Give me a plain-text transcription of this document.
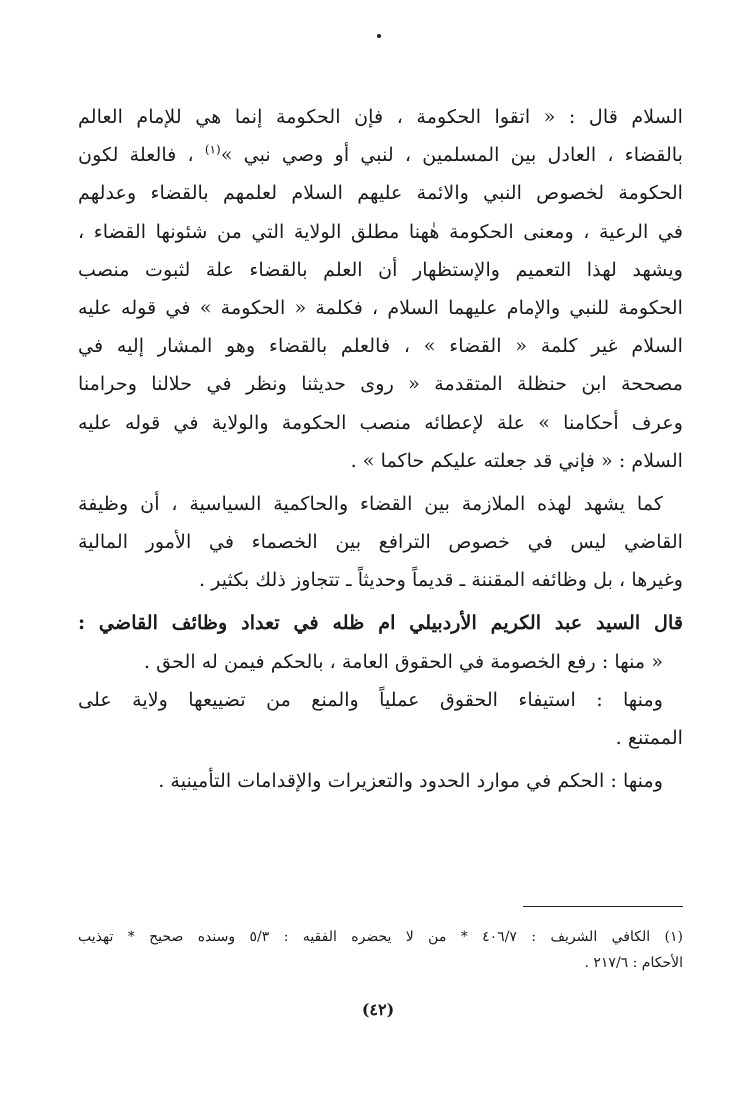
السلام قال : « اتقوا الحكومة ، فإن الحكومة إنما هي للإمام العالم
بالقضاء ، العادل بين المسلمين ، لنبي أو وصي نبي »$^{(١)}$ ، فالعلة لكون
الحكومة لخصوص النبي والائمة عليهم السلام لعلمهم بالقضاء وعدلهم
في الرعية ، ومعنى الحكومة هٰهنا مطلق الولاية التي من شئونها القضاء ،
ويشهد لهذا التعميم والإستظهار أن العلم بالقضاء علة لثبوت منصب
الحكومة للنبي والإمام عليهما السلام ، فكلمة « الحكومة » في قوله عليه
السلام غير كلمة « القضاء » ، فالعلم بالقضاء وهو المشار إليه في
مصححة ابن حنظلة المتقدمة « روى حديثنا ونظر في حلالنا وحرامنا
وعرف أحكامنا » علة لإعطائه منصب الحكومة والولاية في قوله عليه
السلام : « فإني قد جعلته عليكم حاكما » .
كما يشهد لهذه الملازمة بين القضاء والحاكمية السياسية ، أن وظيفة
القاضي ليس في خصوص الترافع بين الخصماء في الأمور المالية
وغيرها ، بل وظائفه المقننة ـ قديماً وحديثاً ـ تتجاوز ذلك بكثير .
قال السيد عبد الكريم الأردبيلي ام ظله في تعداد وظائف القاضي :
« منها : رفع الخصومة في الحقوق العامة ، بالحكم فيمن له الحق .
ومنها : استيفاء الحقوق عملياً والمنع من تضييعها ولاية على
الممتنع .
ومنها : الحكم في موارد الحدود والتعزيرات والإقدامات التأمينية .
(١) الكافي الشريف : ٤٠٦/٧ * من لا يحضره الفقيه : ٥/٣ وسنده صحيح * تهذيب
الأحكام : ٢١٧/٦ .
(٤٢)
